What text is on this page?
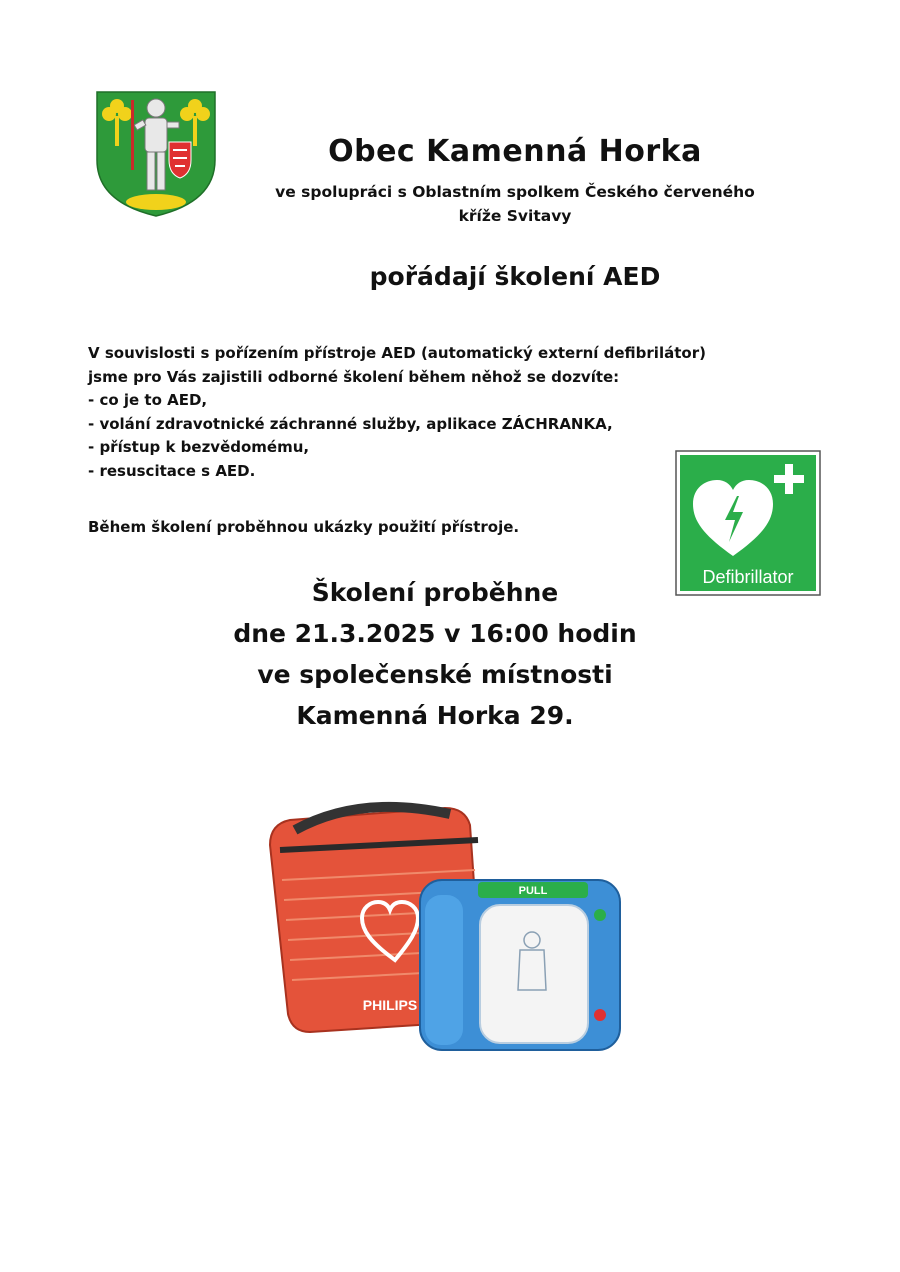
Obec Kamenná Horka
ve spolupráci s Oblastním spolkem Českého červeného
kříže Svitavy
pořádají školení AED
V souvislosti s pořízením přístroje AED (automatický externí defibrilátor)
jsme pro Vás zajistili odborné školení během něhož se dozvíte:
- co je to AED,
- volání zdravotnické záchranné služby, aplikace ZÁCHRANKA,
- přístup k bezvědomému,
- resuscitace s AED.
Během školení proběhnou ukázky použití přístroje.
Defibrillator
Školení proběhne
dne 21.3.2025 v 16:00 hodin
ve společenské místnosti
Kamenná Horka 29.
PHILIPS
PULL
